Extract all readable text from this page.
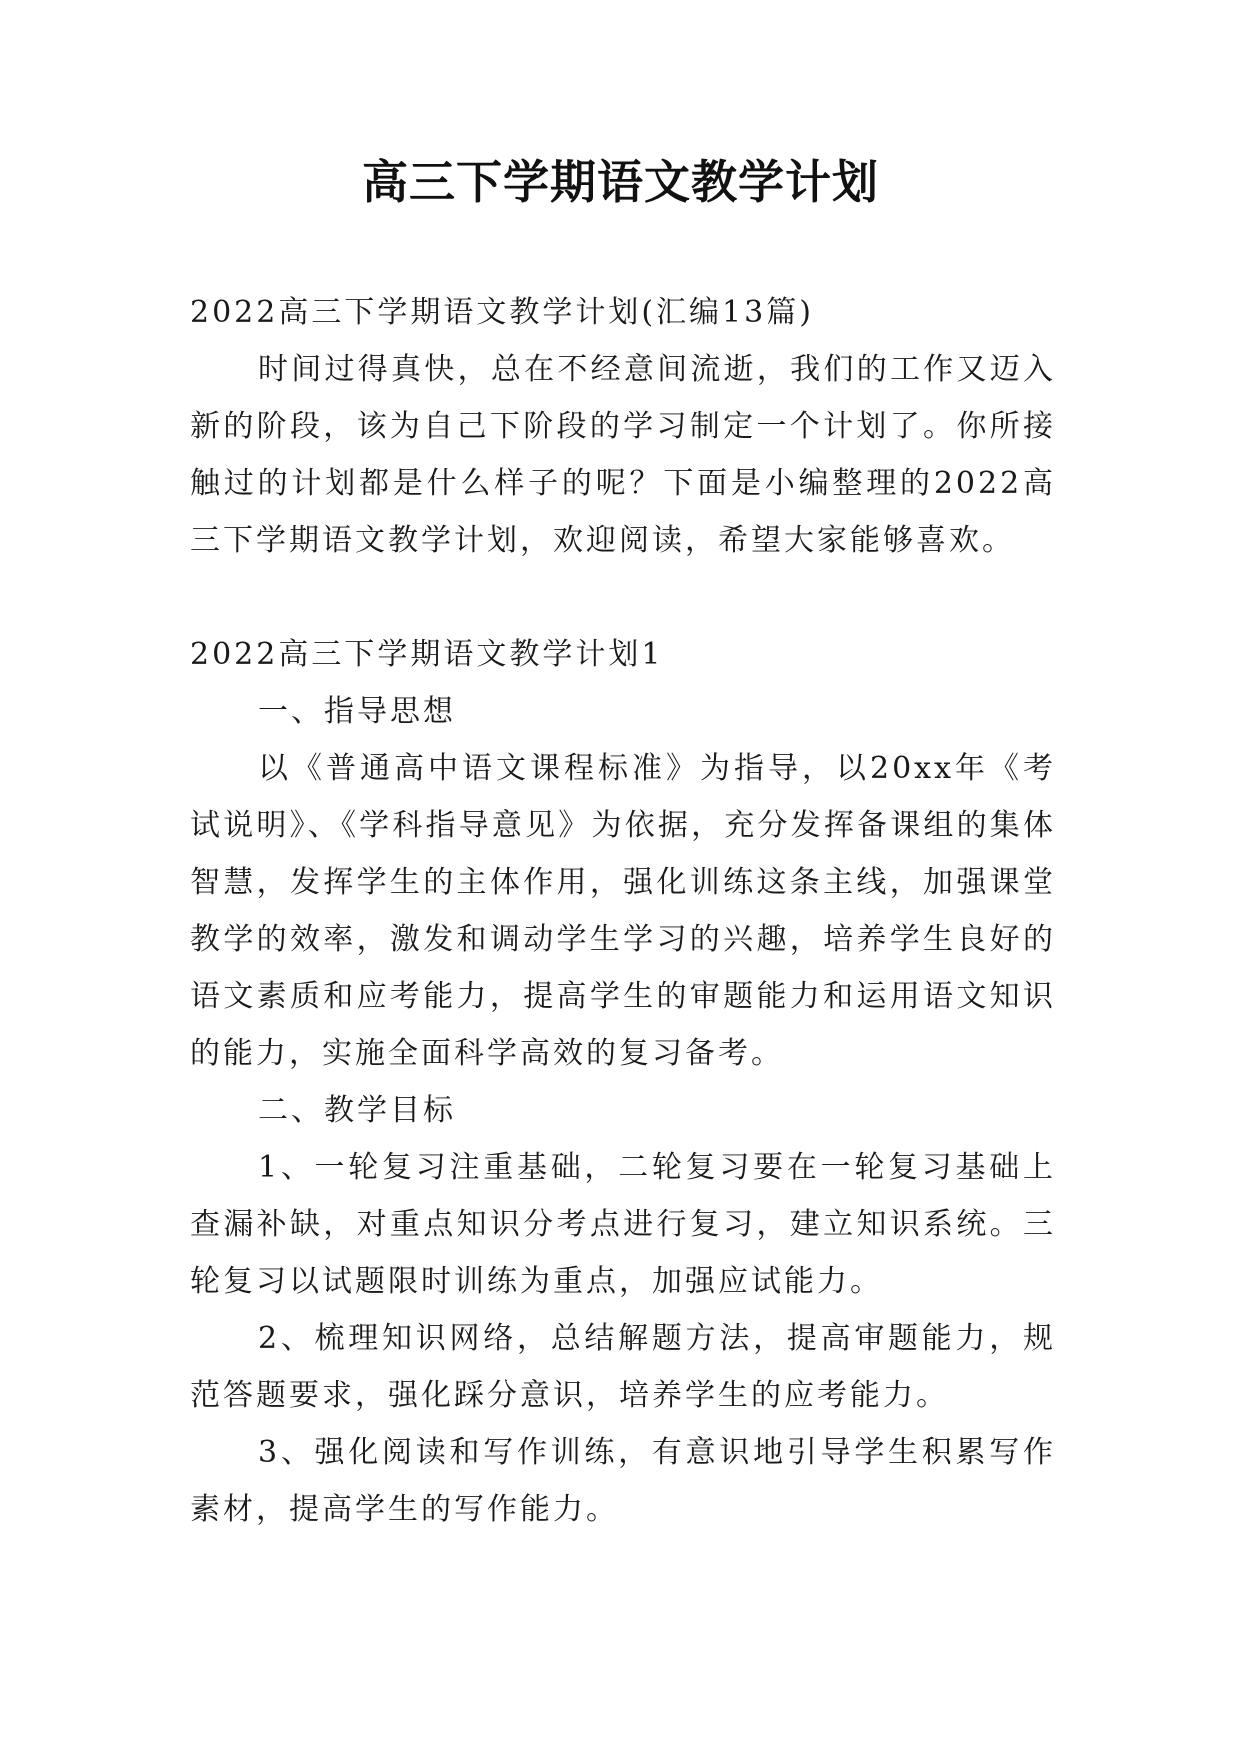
高三下学期语文教学计划

2022高三下学期语文教学计划(汇编13篇)

时间过得真快，总在不经意间流逝，我们的工作又迈入新的阶段，该为自己下阶段的学习制定一个计划了。你所接触过的计划都是什么样子的呢？下面是小编整理的2022高三下学期语文教学计划，欢迎阅读，希望大家能够喜欢。

2022高三下学期语文教学计划1

一、指导思想

以《普通高中语文课程标准》为指导，以20xx年《考试说明》、《学科指导意见》为依据，充分发挥备课组的集体智慧，发挥学生的主体作用，强化训练这条主线，加强课堂教学的效率，激发和调动学生学习的兴趣，培养学生良好的语文素质和应考能力，提高学生的审题能力和运用语文知识的能力，实施全面科学高效的复习备考。

二、教学目标

1、一轮复习注重基础，二轮复习要在一轮复习基础上查漏补缺，对重点知识分考点进行复习，建立知识系统。三轮复习以试题限时训练为重点，加强应试能力。

2、梳理知识网络，总结解题方法，提高审题能力，规范答题要求，强化踩分意识，培养学生的应考能力。

3、强化阅读和写作训练，有意识地引导学生积累写作素材，提高学生的写作能力。
